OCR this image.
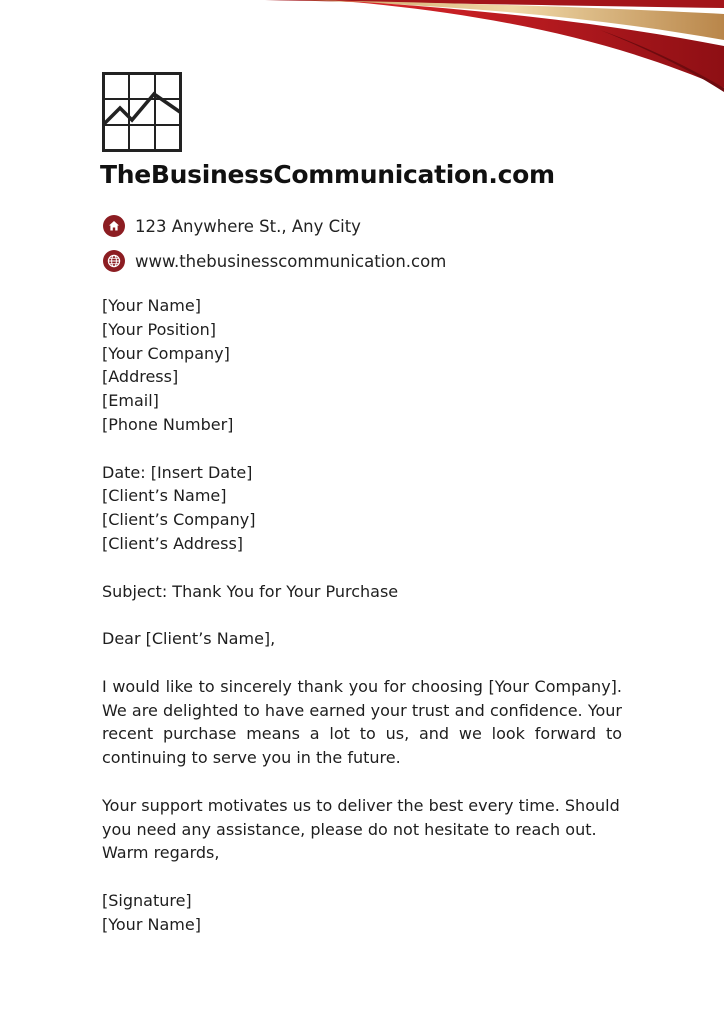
TheBusinessCommunication.com
123 Anywhere St., Any City
www.thebusinesscommunication.com
[Your Name]
[Your Position]
[Your Company]
[Address]
[Email]
[Phone Number]
Date: [Insert Date]
[Client’s Name]
[Client’s Company]
[Client’s Address]
Subject: Thank You for Your Purchase
Dear [Client’s Name],

I would like to sincerely thank you for choosing [Your Company]. We are delighted to have earned your trust and confidence. Your recent purchase means a lot to us, and we look forward to continuing to serve you in the future.

Your support motivates us to deliver the best every time. Should you need any assistance, please do not hesitate to reach out.

Warm regards,
[Signature]
[Your Name]
